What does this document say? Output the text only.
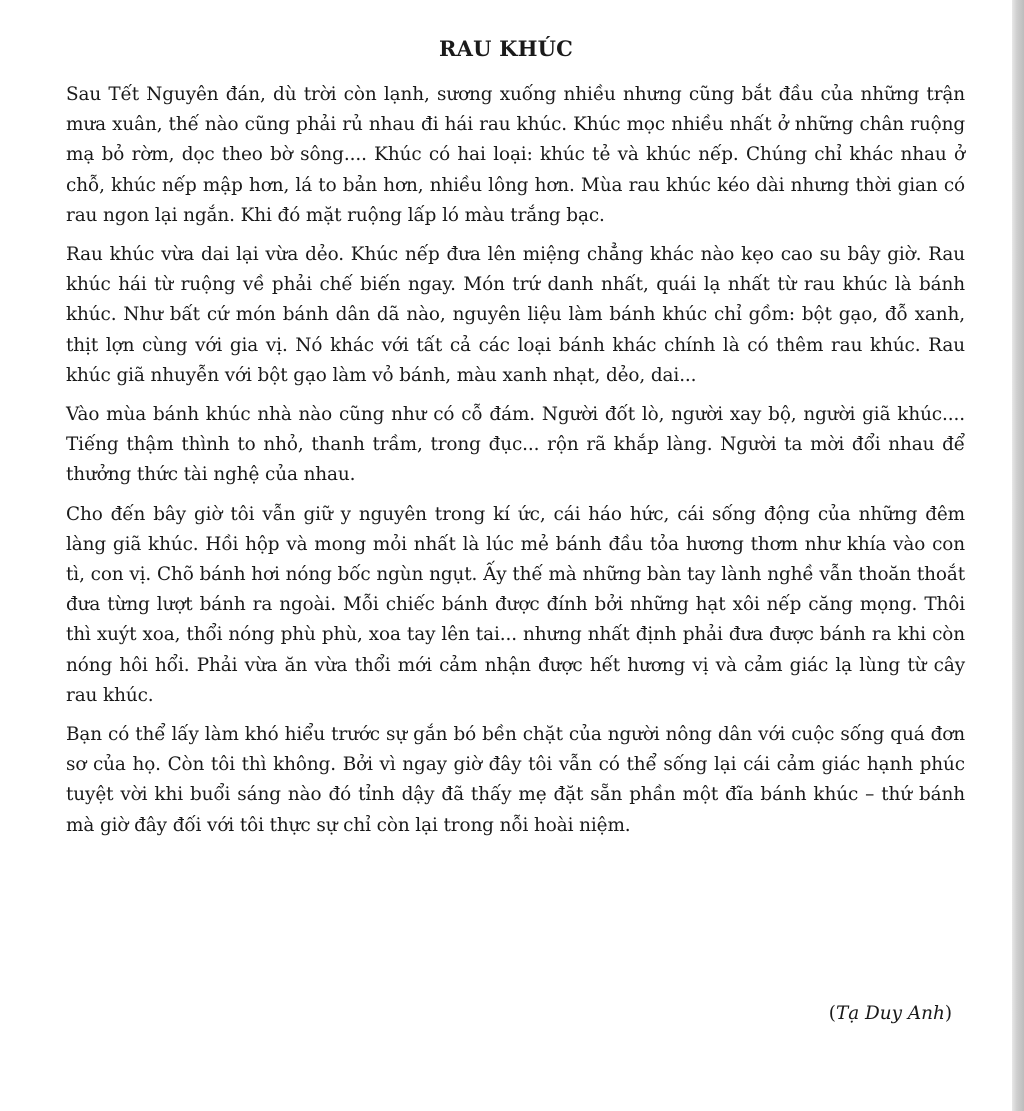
RAU KHÚC

Sau Tết Nguyên đán, dù trời còn lạnh, sương xuống nhiều nhưng cũng bắt đầu của những trận mưa xuân, thế nào cũng phải rủ nhau đi hái rau khúc. Khúc mọc nhiều nhất ở những chân ruộng mạ bỏ rờm, dọc theo bờ sông.... Khúc có hai loại: khúc tẻ và khúc nếp. Chúng chỉ khác nhau ở chỗ, khúc nếp mập hơn, lá to bản hơn, nhiều lông hơn. Mùa rau khúc kéo dài nhưng thời gian có rau ngon lại ngắn. Khi đó mặt ruộng lấp ló màu trắng bạc.

Rau khúc vừa dai lại vừa dẻo. Khúc nếp đưa lên miệng chẳng khác nào kẹo cao su bây giờ. Rau khúc hái từ ruộng về phải chế biến ngay. Món trứ danh nhất, quái lạ nhất từ rau khúc là bánh khúc. Như bất cứ món bánh dân dã nào, nguyên liệu làm bánh khúc chỉ gồm: bột gạo, đỗ xanh, thịt lợn cùng với gia vị. Nó khác với tất cả các loại bánh khác chính là có thêm rau khúc. Rau khúc giã nhuyễn với bột gạo làm vỏ bánh, màu xanh nhạt, dẻo, dai...

Vào mùa bánh khúc nhà nào cũng như có cỗ đám. Người đốt lò, người xay bộ, người giã khúc.... Tiếng thậm thình to nhỏ, thanh trầm, trong đục... rộn rã khắp làng. Người ta mời đổi nhau để thưởng thức tài nghệ của nhau.

Cho đến bây giờ tôi vẫn giữ y nguyên trong kí ức, cái háo hức, cái sống động của những đêm làng giã khúc. Hồi hộp và mong mỏi nhất là lúc mẻ bánh đầu tỏa hương thơm như khía vào con tì, con vị. Chõ bánh hơi nóng bốc ngùn ngụt. Ấy thế mà những bàn tay lành nghề vẫn thoăn thoắt đưa từng lượt bánh ra ngoài. Mỗi chiếc bánh được đính bởi những hạt xôi nếp căng mọng. Thôi thì xuýt xoa, thổi nóng phù phù, xoa tay lên tai... nhưng nhất định phải đưa được bánh ra khi còn nóng hôi hổi. Phải vừa ăn vừa thổi mới cảm nhận được hết hương vị và cảm giác lạ lùng từ cây rau khúc.

Bạn có thể lấy làm khó hiểu trước sự gắn bó bền chặt của người nông dân với cuộc sống quá đơn sơ của họ. Còn tôi thì không. Bởi vì ngay giờ đây tôi vẫn có thể sống lại cái cảm giác hạnh phúc tuyệt vời khi buổi sáng nào đó tỉnh dậy đã thấy mẹ đặt sẵn phần một đĩa bánh khúc – thứ bánh mà giờ đây đối với tôi thực sự chỉ còn lại trong nỗi hoài niệm.

(Tạ Duy Anh)
